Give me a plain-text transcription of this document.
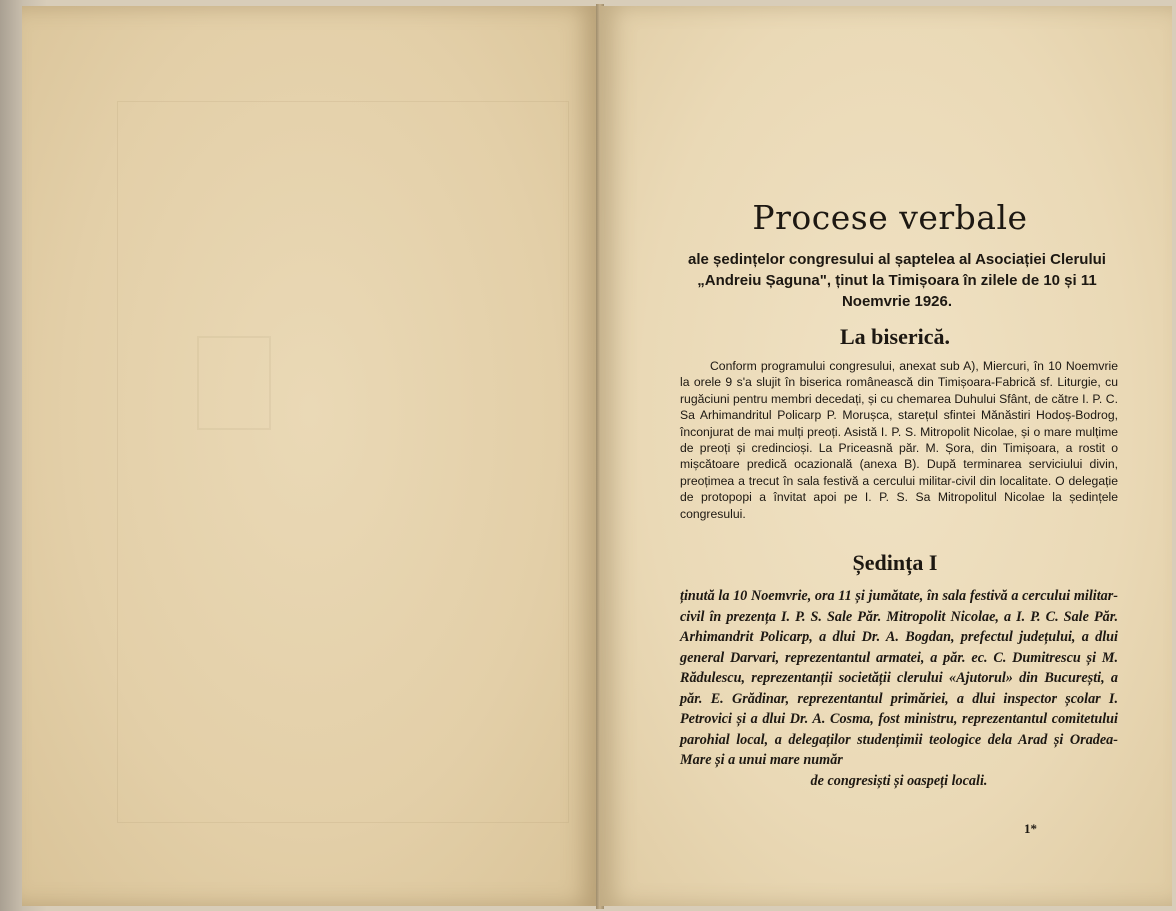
Procese verbale
ale ședințelor congresului al șaptelea al Asociației Clerului „Andreiu Șaguna", ținut la Timișoara în zilele de 10 și 11 Noemvrie 1926.
La biserică.
Conform programului congresului, anexat sub A), Miercuri, în 10 Noemvrie la orele 9 s'a slujit în biserica românească din Timișoara-Fabrică sf. Liturgie, cu rugăciuni pentru membri decedați, și cu chemarea Duhului Sfânt, de către I. P. C. Sa Arhimandritul Policarp P. Morușca, starețul sfintei Mănăstiri Hodoș-Bodrog, înconjurat de mai mulți preoți. Asistă I. P. S. Mitropolit Nicolae, și o mare mulțime de preoți și credincioși. La Priceasnă păr. M. Șora, din Timișoara, a rostit o mișcătoare predică ocazională (anexa B). După terminarea serviciului divin, preoțimea a trecut în sala festivă a cercului militar-civil din localitate. O delegație de protopopi a învitat apoi pe I. P. S. Sa Mitropolitul Nicolae la ședințele congresului.
Ședința I
ținută la 10 Noemvrie, ora 11 și jumătate, în sala festivă a cercului militar-civil în prezența I. P. S. Sale Păr. Mitropolit Nicolae, a I. P. C. Sale Păr. Arhimandrit Policarp, a dlui Dr. A. Bogdan, prefectul județului, a dlui general Darvari, reprezentantul armatei, a păr. ec. C. Dumitrescu și M. Rădulescu, reprezentanții societății clerului «Ajutorul» din București, a păr. E. Grădinar, reprezentantul primăriei, a dlui inspector școlar I. Petrovici și a dlui Dr. A. Cosma, fost ministru, reprezentantul comitetului parohial local, a delegaților studențimii teologice dela Arad și Oradea-Mare și a unui mare număr
de congresiști și oaspeți locali.
1*
